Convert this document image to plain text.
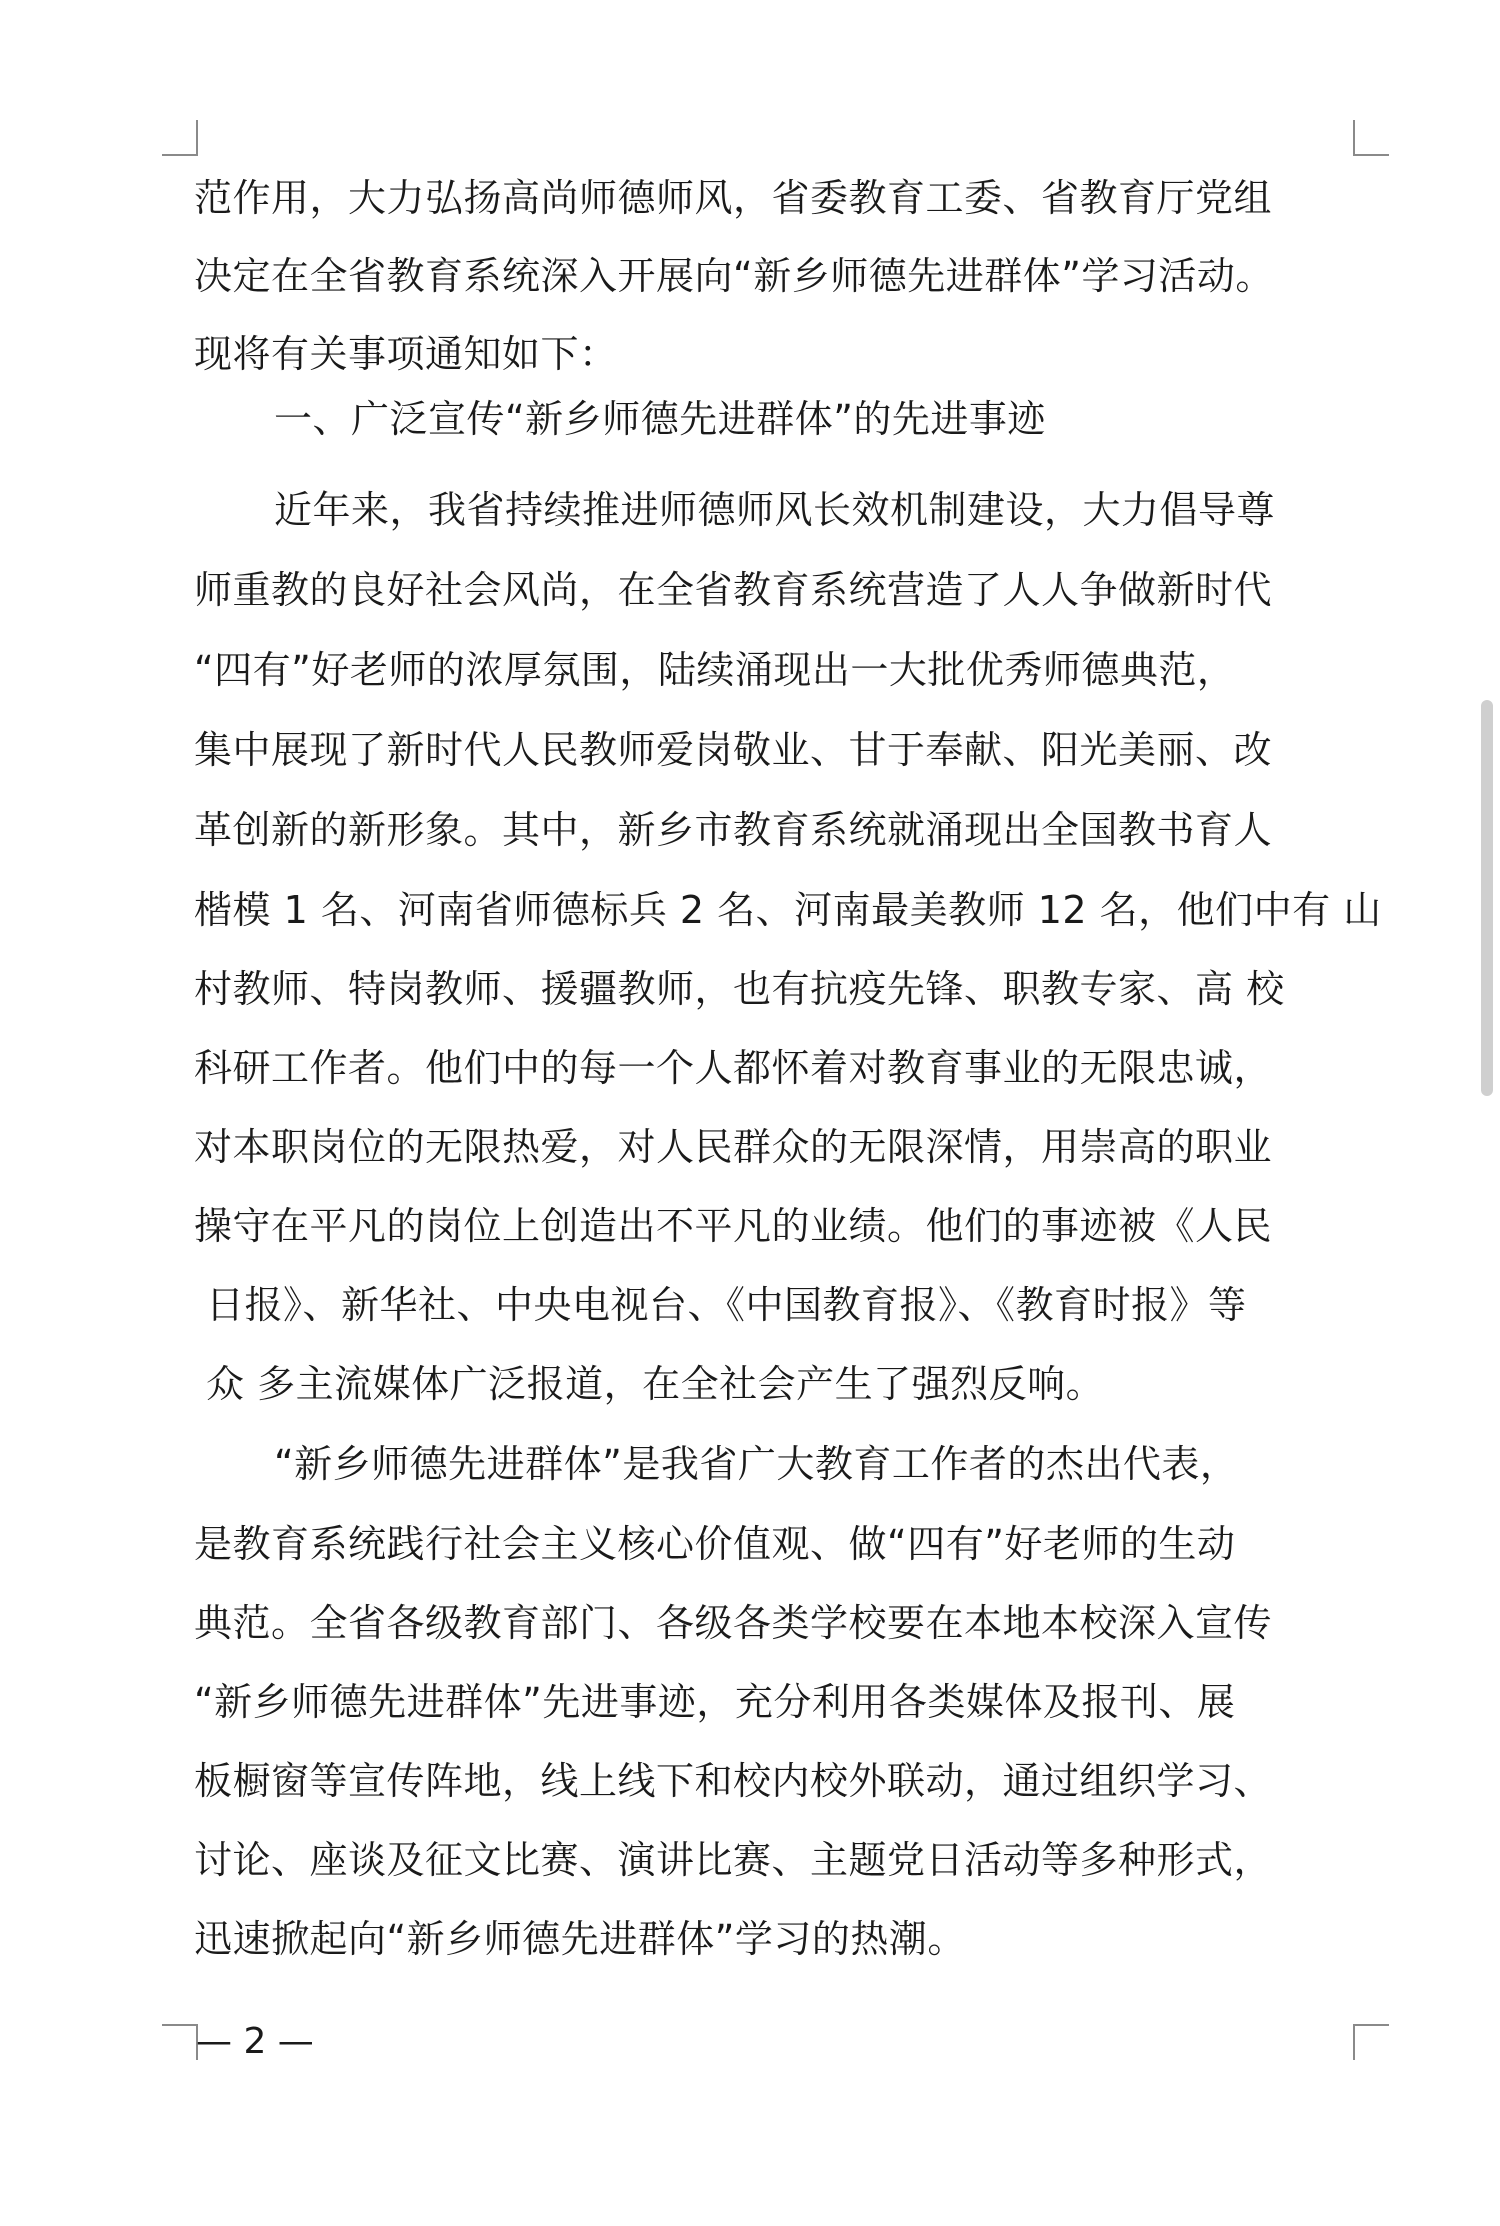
范作用，大力弘扬高尚师德师风，省委教育工委、省教育厅党组
决定在全省教育系统深入开展向“新乡师德先进群体”学习活动。
现将有关事项通知如下：
一、广泛宣传“新乡师德先进群体”的先进事迹
近年来，我省持续推进师德师风长效机制建设，大力倡导尊
师重教的良好社会风尚，在全省教育系统营造了人人争做新时代
“四有”好老师的浓厚氛围，陆续涌现出一大批优秀师德典范，
集中展现了新时代人民教师爱岗敬业、甘于奉献、阳光美丽、改
革创新的新形象。其中，新乡市教育系统就涌现出全国教书育人
楷模 1 名、河南省师德标兵 2 名、河南最美教师 12 名，他们中有 山
村教师、特岗教师、援疆教师，也有抗疫先锋、职教专家、高 校
科研工作者。他们中的每一个人都怀着对教育事业的无限忠诚，
对本职岗位的无限热爱，对人民群众的无限深情，用崇高的职业
操守在平凡的岗位上创造出不平凡的业绩。他们的事迹被《人民
日报》、新华社、中央电视台、《中国教育报》、《教育时报》等
众 多主流媒体广泛报道，在全社会产生了强烈反响。
“新乡师德先进群体”是我省广大教育工作者的杰出代表，
是教育系统践行社会主义核心价值观、做“四有”好老师的生动
典范。全省各级教育部门、各级各类学校要在本地本校深入宣传
“新乡师德先进群体”先进事迹，充分利用各类媒体及报刊、展
板橱窗等宣传阵地，线上线下和校内校外联动，通过组织学习、
讨论、座谈及征文比赛、演讲比赛、主题党日活动等多种形式，
迅速掀起向“新乡师德先进群体”学习的热潮。
— 2 —
